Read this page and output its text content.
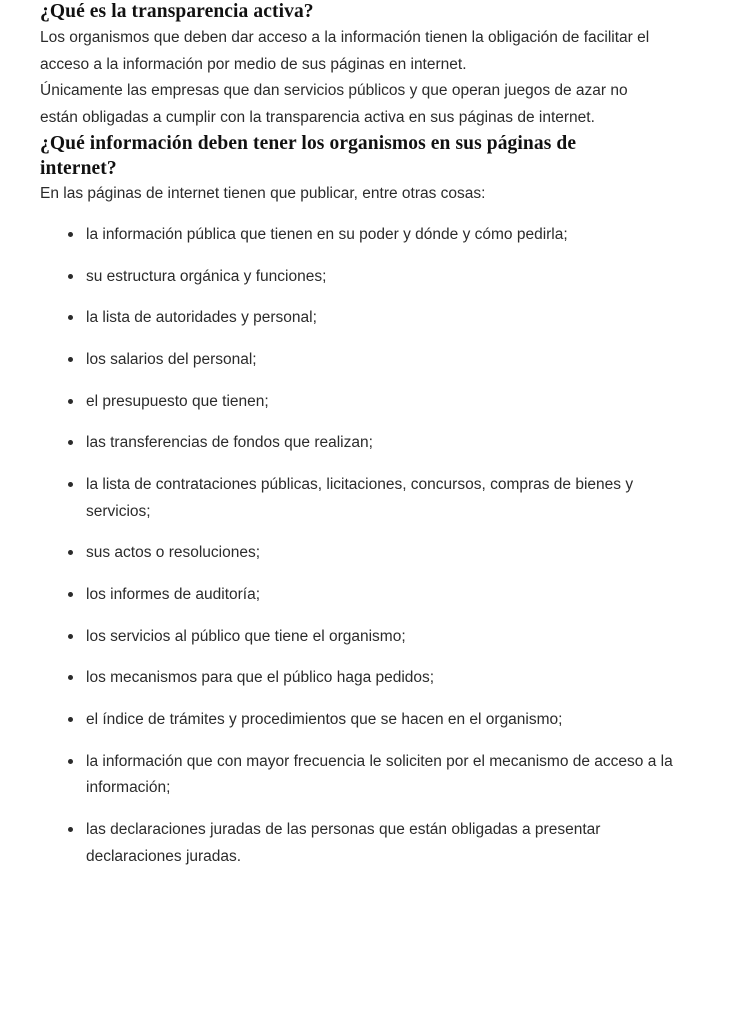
¿Qué es la transparencia activa?

Los organismos que deben dar acceso a la información tienen la obligación de facilitar el acceso a la información por medio de sus páginas en internet.

Únicamente las empresas que dan servicios públicos y que operan juegos de azar no están obligadas a cumplir con la transparencia activa en sus páginas de internet.

¿Qué información deben tener los organismos en sus páginas de internet?

En las páginas de internet tienen que publicar, entre otras cosas:

la información pública que tienen en su poder y dónde y cómo pedirla;
su estructura orgánica y funciones;
la lista de autoridades y personal;
los salarios del personal;
el presupuesto que tienen;
las transferencias de fondos que realizan;
la lista de contrataciones públicas, licitaciones, concursos, compras de bienes y servicios;
sus actos o resoluciones;
los informes de auditoría;
los servicios al público que tiene el organismo;
los mecanismos para que el público haga pedidos;
el índice de trámites y procedimientos que se hacen en el organismo;
la información que con mayor frecuencia le soliciten por el mecanismo de acceso a la información;
las declaraciones juradas de las personas que están obligadas a presentar declaraciones juradas.
